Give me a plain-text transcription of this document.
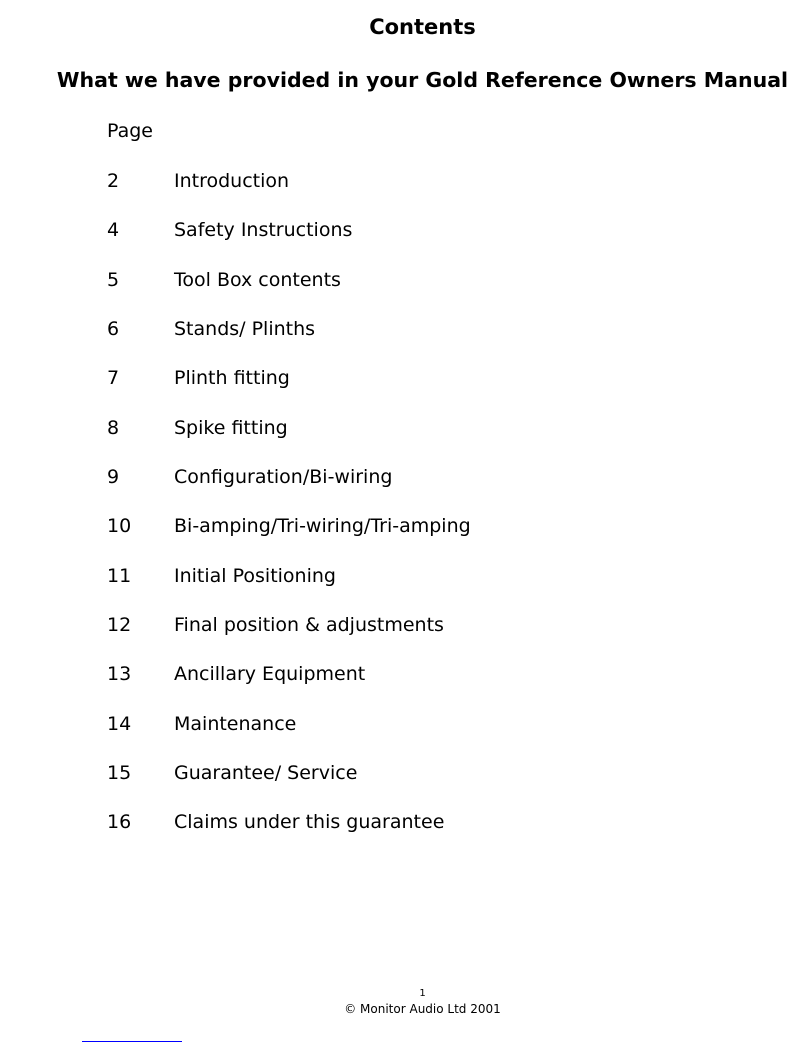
Contents
What we have provided in your Gold Reference Owners Manual
Page
2	Introduction
4	Safety Instructions
5	Tool Box contents
6	Stands/ Plinths
7	Plinth fitting
8	Spike fitting
9	Configuration/Bi-wiring
10	Bi-amping/Tri-wiring/Tri-amping
11	Initial Positioning
12	Final position & adjustments
13	Ancillary Equipment
14	Maintenance
15	Guarantee/ Service
16	Claims under this guarantee
1
© Monitor Audio Ltd 2001
